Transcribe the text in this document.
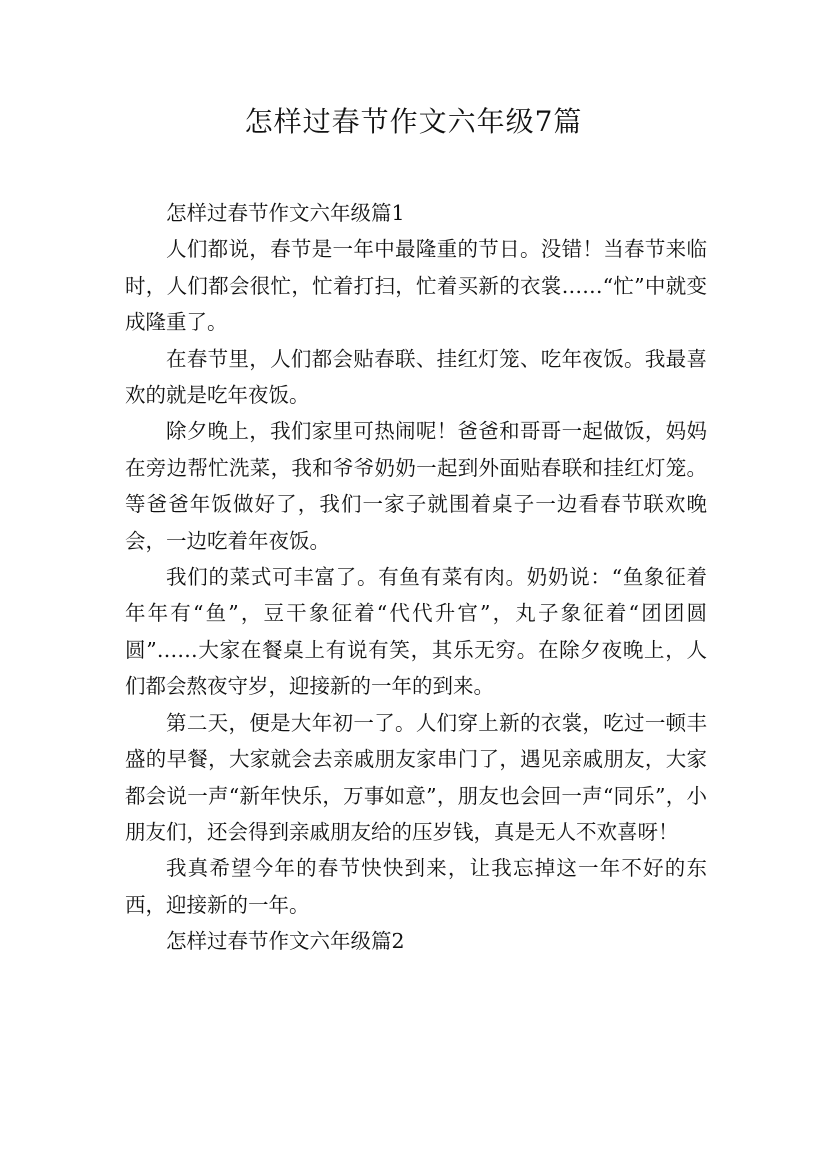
怎样过春节作文六年级7篇

怎样过春节作文六年级篇1

人们都说，春节是一年中最隆重的节日。没错！当春节来临时，人们都会很忙，忙着打扫，忙着买新的衣裳……“忙”中就变成隆重了。

在春节里，人们都会贴春联、挂红灯笼、吃年夜饭。我最喜欢的就是吃年夜饭。

除夕晚上，我们家里可热闹呢！爸爸和哥哥一起做饭，妈妈在旁边帮忙洗菜，我和爷爷奶奶一起到外面贴春联和挂红灯笼。等爸爸年饭做好了，我们一家子就围着桌子一边看春节联欢晚会，一边吃着年夜饭。

我们的菜式可丰富了。有鱼有菜有肉。奶奶说：“鱼象征着年年有“鱼”，豆干象征着“代代升官”，丸子象征着“团团圆圆”……大家在餐桌上有说有笑，其乐无穷。在除夕夜晚上，人们都会熬夜守岁，迎接新的一年的到来。

第二天，便是大年初一了。人们穿上新的衣裳，吃过一顿丰盛的早餐，大家就会去亲戚朋友家串门了，遇见亲戚朋友，大家都会说一声“新年快乐，万事如意”，朋友也会回一声“同乐”，小朋友们，还会得到亲戚朋友给的压岁钱，真是无人不欢喜呀！

我真希望今年的春节快快到来，让我忘掉这一年不好的东西，迎接新的一年。

怎样过春节作文六年级篇2
